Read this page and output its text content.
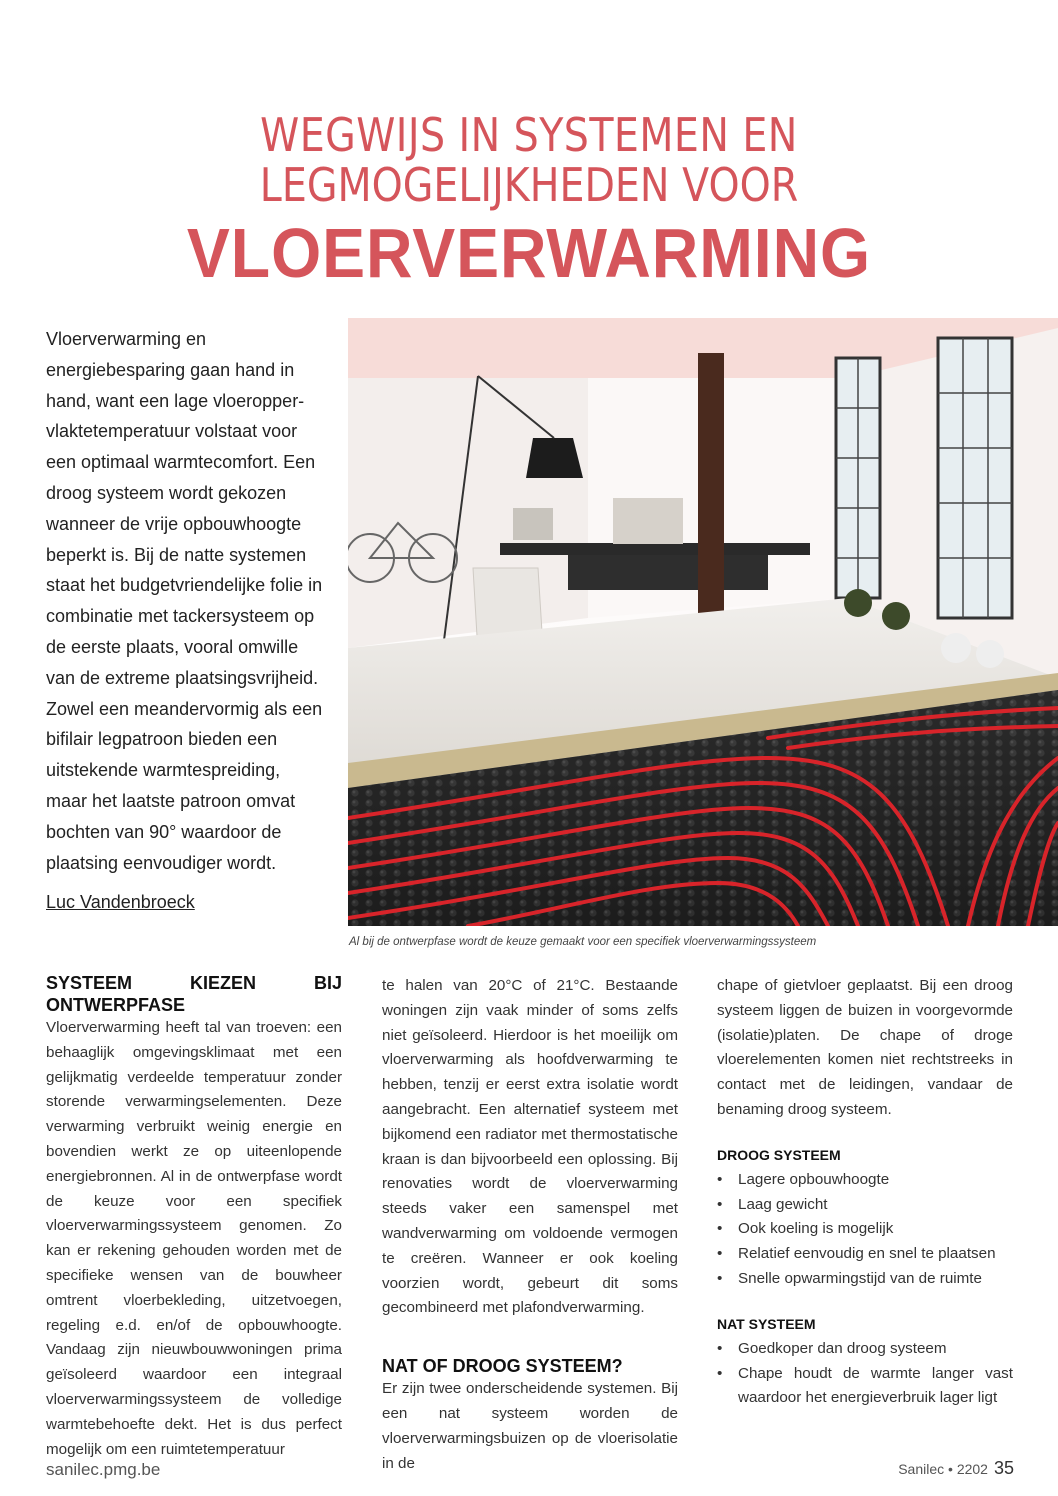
WEGWIJS IN SYSTEMEN EN
LEGMOGELIJKHEDEN VOOR
VLOERVERWARMING

Vloerverwarming en energiebesparing gaan hand in hand, want een lage vloeropper-vlaktetemperatuur volstaat voor een optimaal warmtecomfort. Een droog systeem wordt gekozen wanneer de vrije opbouwhoogte beperkt is. Bij de natte systemen staat het budgetvriendelijke folie in combinatie met tackersysteem op de eerste plaats, vooral omwille van de extreme plaatsingsvrijheid. Zowel een meandervormig als een bifilair legpatroon bieden een uitstekende warmtespreiding, maar het laatste patroon omvat bochten van 90° waardoor de plaatsing eenvoudiger wordt.

Luc Vandenbroeck
Al bij de ontwerpfase wordt de keuze gemaakt voor een specifiek vloerverwarmingssysteem
SYSTEEM KIEZEN BIJ ONTWERPFASE

Vloerverwarming heeft tal van troeven: een behaaglijk omgevingsklimaat met een gelijkmatig verdeelde temperatuur zonder storende verwarmingselementen. Deze verwarming verbruikt weinig energie en bovendien werkt ze op uiteenlopende energiebronnen. Al in de ontwerpfase wordt de keuze voor een specifiek vloerverwarmingssysteem genomen. Zo kan er rekening gehouden worden met de specifieke wensen van de bouwheer omtrent vloerbekleding, uitzetvoegen, regeling e.d. en/of de opbouwhoogte. Vandaag zijn nieuwbouwwoningen prima geïsoleerd waardoor een integraal vloerverwarmingssysteem de volledige warmtebehoefte dekt. Het is dus perfect mogelijk om een ruimtetemperatuur

te halen van 20°C of 21°C. Bestaande woningen zijn vaak minder of soms zelfs niet geïsoleerd. Hierdoor is het moeilijk om vloerverwarming als hoofdverwarming te hebben, tenzij er eerst extra isolatie wordt aangebracht. Een alternatief systeem met bijkomend een radiator met thermostatische kraan is dan bijvoorbeeld een oplossing. Bij renovaties wordt de vloerverwarming steeds vaker een samenspel met wandverwarming om voldoende vermogen te creëren. Wanneer er ook koeling voorzien wordt, gebeurt dit soms gecombineerd met plafondverwarming.

NAT OF DROOG SYSTEEM?

Er zijn twee onderscheidende systemen. Bij een nat systeem worden de vloerverwarmingsbuizen op de vloerisolatie in de

chape of gietvloer geplaatst. Bij een droog systeem liggen de buizen in voorgevormde (isolatie)platen. De chape of droge vloerelementen komen niet rechtstreeks in contact met de leidingen, vandaar de benaming droog systeem.

DROOG SYSTEEM
• Lagere opbouwhoogte
• Laag gewicht
• Ook koeling is mogelijk
• Relatief eenvoudig en snel te plaatsen
• Snelle opwarmingstijd van de ruimte
NAT SYSTEEM
• Goedkoper dan droog systeem
• Chape houdt de warmte langer vast waardoor het energieverbruik lager ligt
sanilec.pmg.be	Sanilec • 2202 35
